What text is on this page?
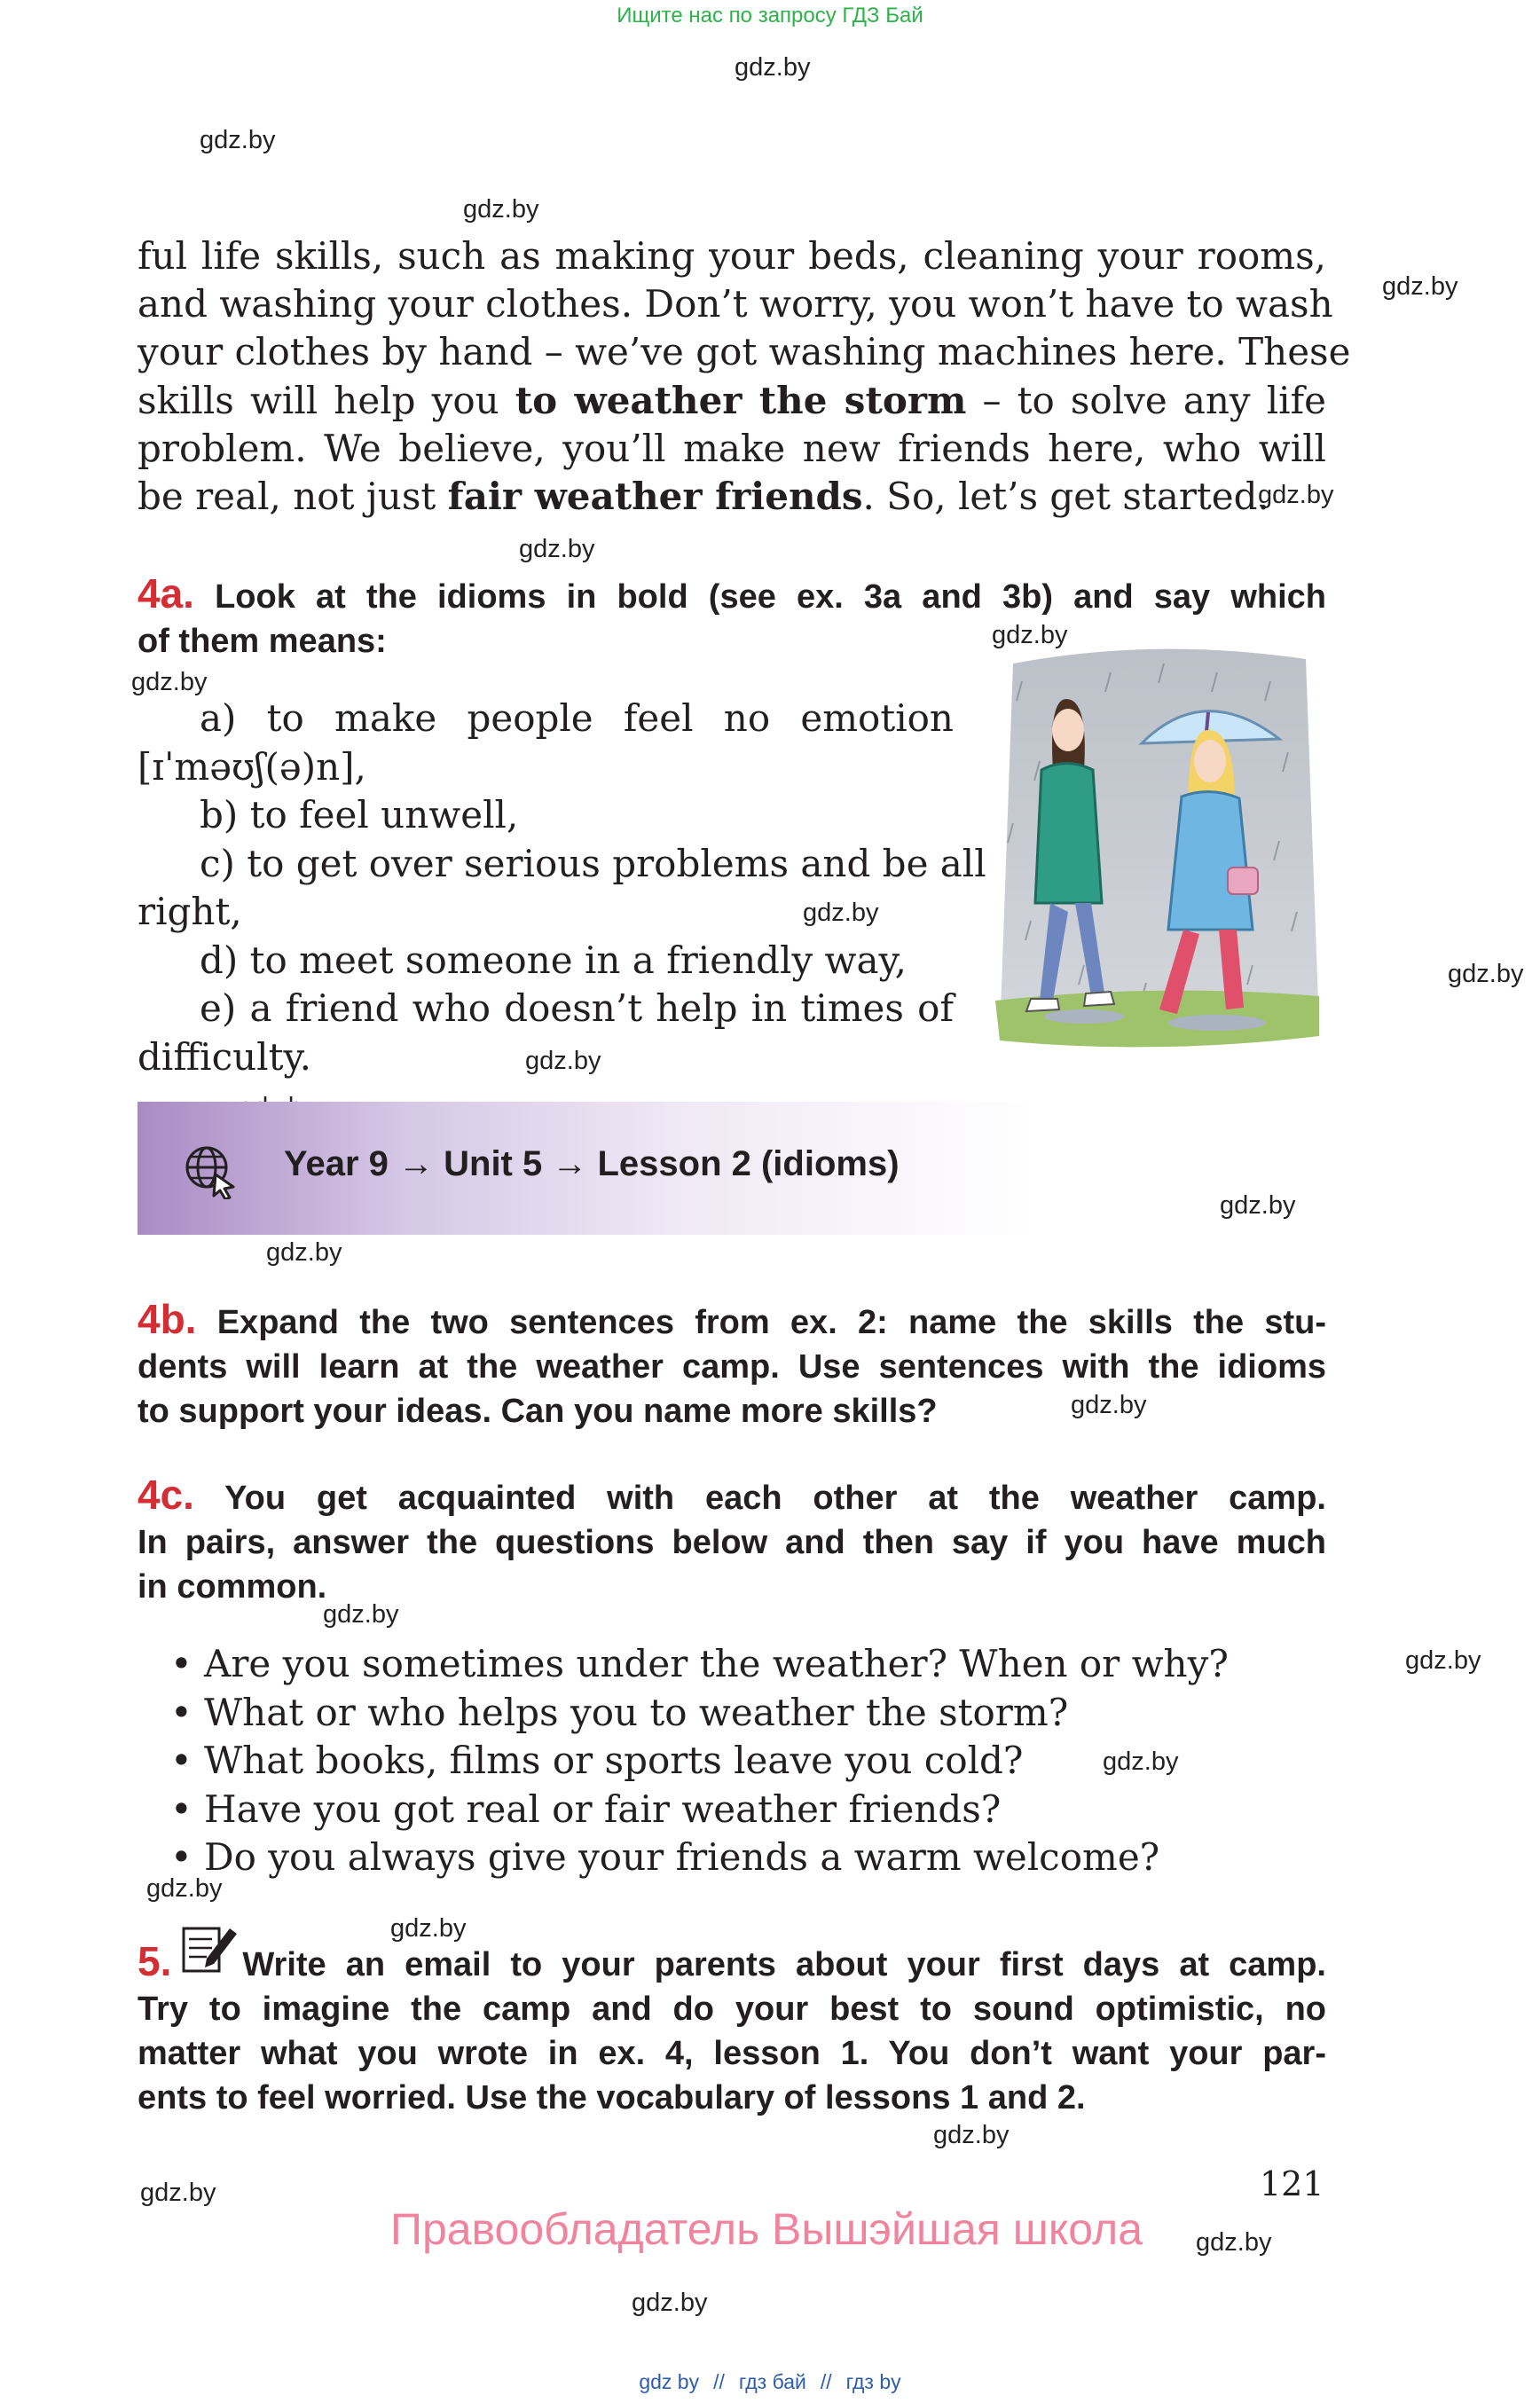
Ищите нас по запросу ГДЗ Бай
gdz.by
gdz.by
gdz.by
gdz.by
gdz.by
gdz.by
gdz.by
gdz.by
gdz.by
gdz.by
gdz.by
gdz.by
gdz.by
gdz.by
gdz.by
gdz.by
gdz.by
gdz.by
gdz.by
gdz.by
gdz.by
gdz.by
gdz.by
ful life skills, such as making your beds, cleaning your rooms,
and washing your clothes. Don’t worry, you won’t have to wash
your clothes by hand – we’ve got washing machines here. These
skills will help you to weather the storm – to solve any life
problem. We believe, you’ll make new friends here, who will
be real, not just fair weather friends. So, let’s get started.
4a. Look at the idioms in bold (see ex. 3a and 3b) and say which
of them means:
a) to make people feel no emotion
[ɪˈməʊʃ(ə)n],
b) to feel unwell,
c) to get over serious problems and be all
right,
d) to meet someone in a friendly way,
e) a friend who doesn’t help in times of
difficulty.
Year 9 → Unit 5 → Lesson 2 (idioms)
4b. Expand the two sentences from ex. 2: name the skills the stu-
dents will learn at the weather camp. Use sentences with the idioms
to support your ideas. Can you name more skills?
4c. You get acquainted with each other at the weather camp.
In pairs, answer the questions below and then say if you have much
in common.
• Are you sometimes under the weather? When or why?
• What or who helps you to weather the storm?
• What books, films or sports leave you cold?
• Have you got real or fair weather friends?
• Do you always give your friends a warm welcome?
5. Write an email to your parents about your first days at camp.
Try to imagine the camp and do your best to sound optimistic, no
matter what you wrote in ex. 4, lesson 1. You don’t want your par-
ents to feel worried. Use the vocabulary of lessons 1 and 2.
121
Правообладатель Вышэйшая школа
gdz by // гдз бай // гдз by
